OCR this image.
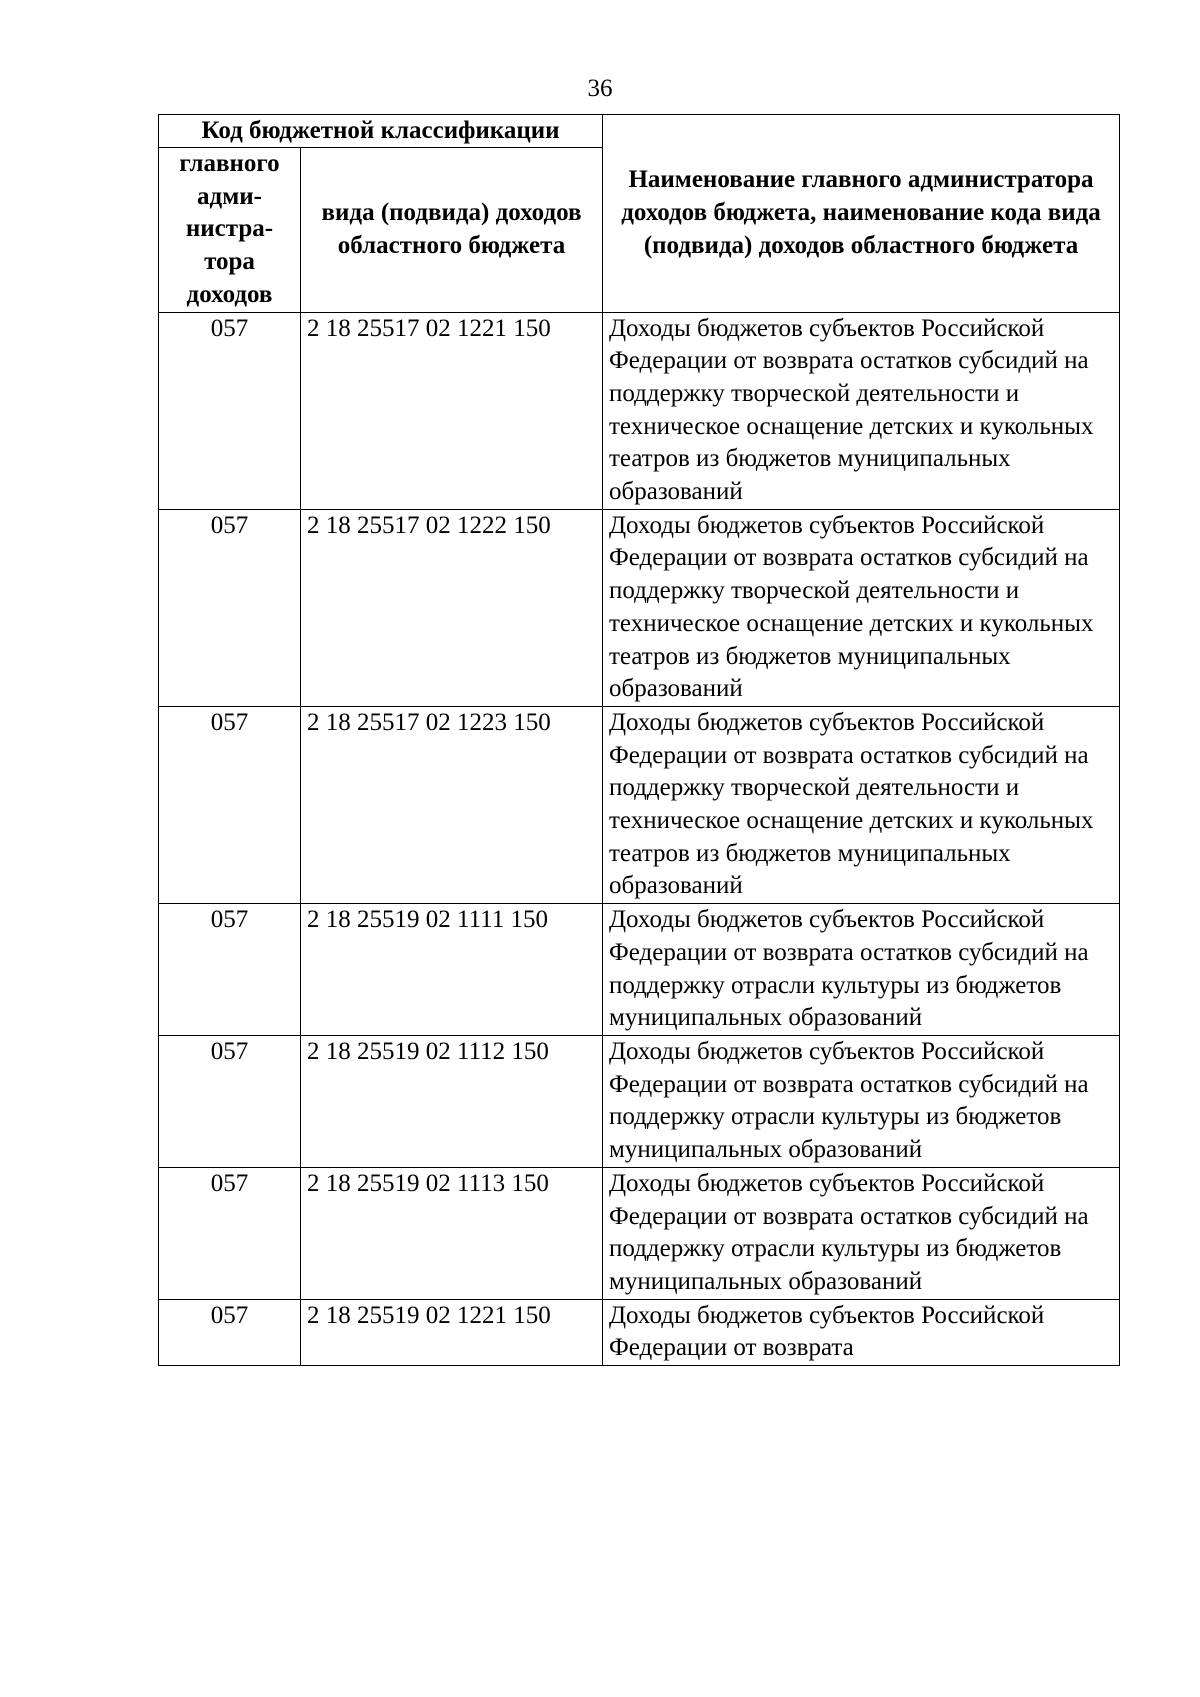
36
Код бюджетной классификации		Наименование главного администратора доходов бюджета, наименование кода вида (подвида) доходов областного бюджета
главного адми-нистра-тора доходов	вида (подвида) доходов областного бюджета	
057	2 18 25517 02 1221 150	Доходы бюджетов субъектов Российской Федерации от возврата остатков субсидий на поддержку творческой деятельности и техническое оснащение детских и кукольных театров из бюджетов муниципальных образований
057	2 18 25517 02 1222 150	Доходы бюджетов субъектов Российской Федерации от возврата остатков субсидий на поддержку творческой деятельности и техническое оснащение детских и кукольных театров из бюджетов муниципальных образований
057	2 18 25517 02 1223 150	Доходы бюджетов субъектов Российской Федерации от возврата остатков субсидий на поддержку творческой деятельности и техническое оснащение детских и кукольных театров из бюджетов муниципальных образований
057	2 18 25519 02 1111 150	Доходы бюджетов субъектов Российской Федерации от возврата остатков субсидий на поддержку отрасли культуры из бюджетов муниципальных образований
057	2 18 25519 02 1112 150	Доходы бюджетов субъектов Российской Федерации от возврата остатков субсидий на поддержку отрасли культуры из бюджетов муниципальных образований
057	2 18 25519 02 1113 150	Доходы бюджетов субъектов Российской Федерации от возврата остатков субсидий на поддержку отрасли культуры из бюджетов муниципальных образований
057	2 18 25519 02 1221 150	Доходы бюджетов субъектов Российской Федерации от возврата
